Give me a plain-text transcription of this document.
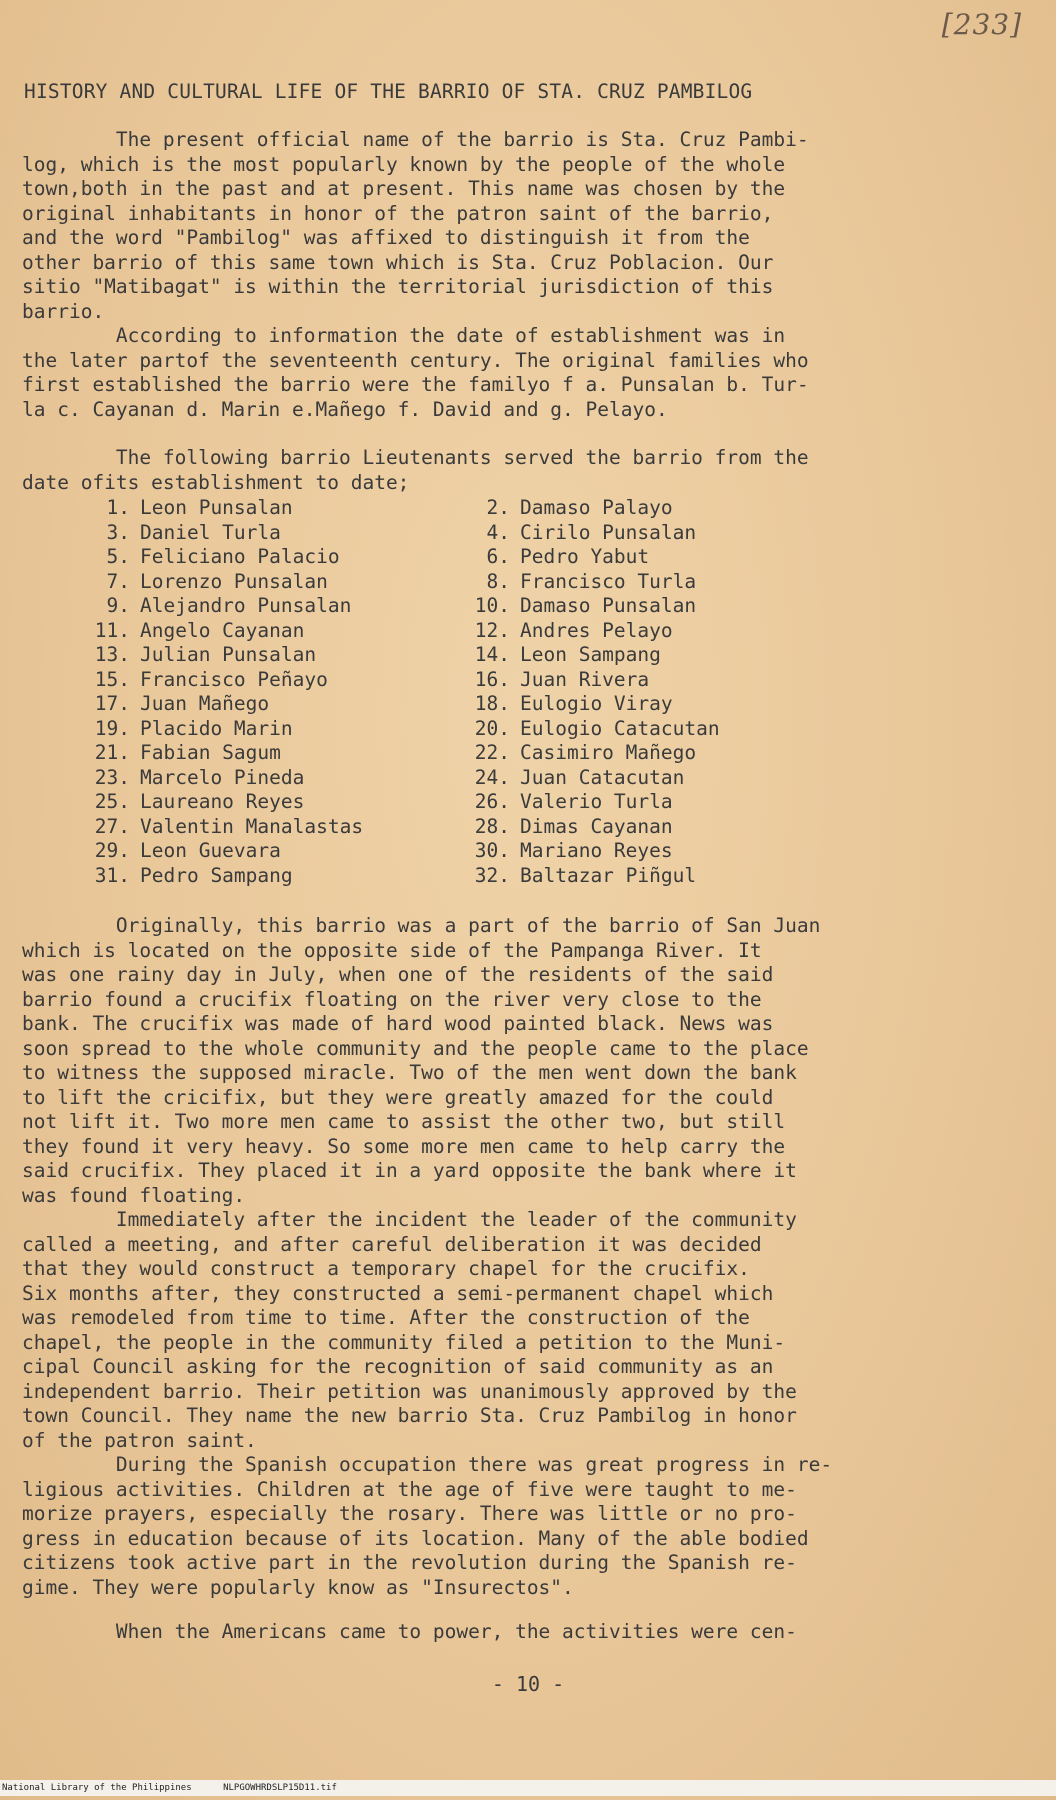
[233]
HISTORY AND CULTURAL LIFE OF THE BARRIO OF STA. CRUZ PAMBILOG
The present official name of the barrio is Sta. Cruz Pambi-
log, which is the most popularly known by the people of the whole
town,both in the past and at present. This name was chosen by the
original inhabitants in honor of the patron saint of the barrio,
and the word "Pambilog" was affixed to distinguish it from the
other barrio of this same town which is Sta. Cruz Poblacion. Our
sitio "Matibagat" is within the territorial jurisdiction of this
barrio.
According to information the date of establishment was in
the later partof the seventeenth century. The original families who
first established the barrio were the familyo f a. Punsalan b. Tur-
la c. Cayanan d. Marin e.Mañego f. David and g. Pelayo.
The following barrio Lieutenants served the barrio from the
date ofits establishment to date;
1. Leon Punsalan	2. Damaso Palayo
3. Daniel Turla	4. Cirilo Punsalan
5. Feliciano Palacio	6. Pedro Yabut
7. Lorenzo Punsalan	8. Francisco Turla
9. Alejandro Punsalan	10. Damaso Punsalan
11. Angelo Cayanan	12. Andres Pelayo
13. Julian Punsalan	14. Leon Sampang
15. Francisco Peñayo	16. Juan Rivera
17. Juan Mañego	18. Eulogio Viray
19. Placido Marin	20. Eulogio Catacutan
21. Fabian Sagum	22. Casimiro Mañego
23. Marcelo Pineda	24. Juan Catacutan
25. Laureano Reyes	26. Valerio Turla
27. Valentin Manalastas	28. Dimas Cayanan
29. Leon Guevara	30. Mariano Reyes
31. Pedro Sampang	32. Baltazar Piñgul
Originally, this barrio was a part of the barrio of San Juan
which is located on the opposite side of the Pampanga River. It
was one rainy day in July, when one of the residents of the said
barrio found a crucifix floating on the river very close to the
bank. The crucifix was made of hard wood painted black. News was
soon spread to the whole community and the people came to the place
to witness the supposed miracle. Two of the men went down the bank
to lift the cricifix, but they were greatly amazed for the could
not lift it. Two more men came to assist the other two, but still
they found it very heavy. So some more men came to help carry the
said crucifix. They placed it in a yard opposite the bank where it
was found floating.
Immediately after the incident the leader of the community
called a meeting, and after careful deliberation it was decided
that they would construct a temporary chapel for the crucifix.
Six months after, they constructed a semi-permanent chapel which
was remodeled from time to time. After the construction of the
chapel, the people in the community filed a petition to the Muni-
cipal Council asking for the recognition of said community as an
independent barrio. Their petition was unanimously approved by the
town Council. They name the new barrio Sta. Cruz Pambilog in honor
of the patron saint.
During the Spanish occupation there was great progress in re-
ligious activities. Children at the age of five were taught to me-
morize prayers, especially the rosary. There was little or no pro-
gress in education because of its location. Many of the able bodied
citizens took active part in the revolution during the Spanish re-
gime. They were popularly know as "Insurectos".
When the Americans came to power, the activities were cen-
- 10 -
National Library of the Philippines	NLPGOWHRDSLP15D11.tif
